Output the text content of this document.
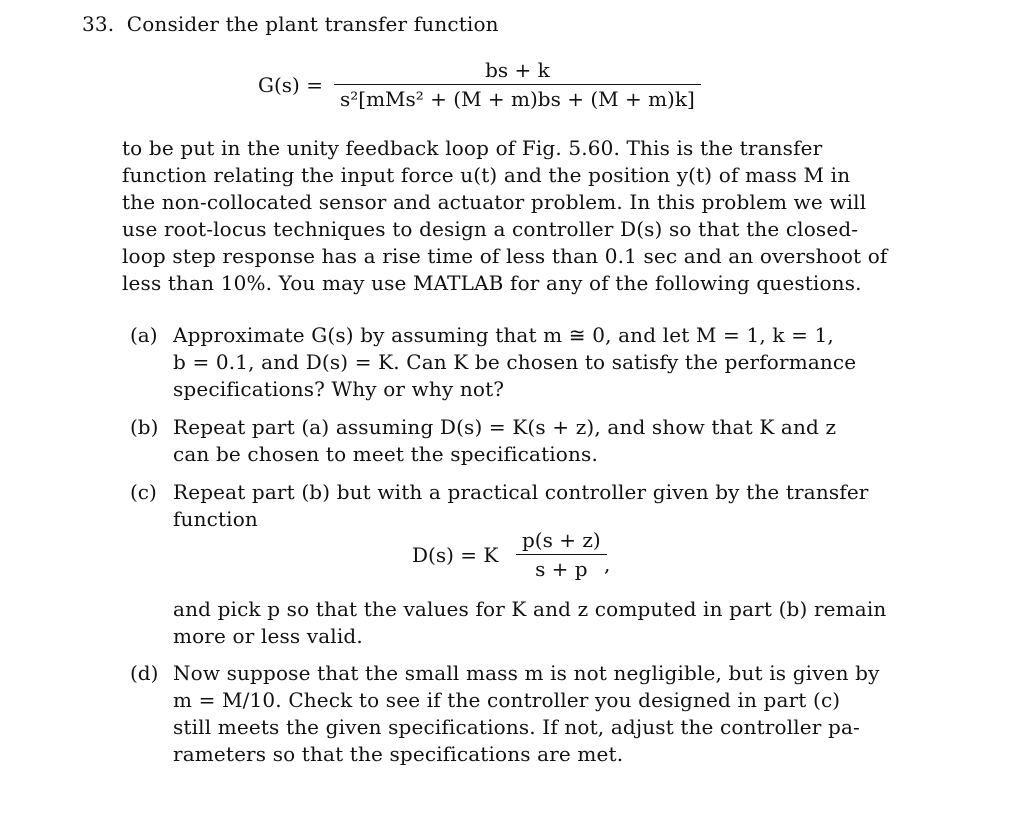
33. Consider the plant transfer function
G(s) =
bs + k
s²[mMs² + (M + m)bs + (M + m)k]
to be put in the unity feedback loop of Fig. 5.60. This is the transfer
function relating the input force u(t) and the position y(t) of mass M in
the non-collocated sensor and actuator problem. In this problem we will
use root-locus techniques to design a controller D(s) so that the closed-
loop step response has a rise time of less than 0.1 sec and an overshoot of
less than 10%. You may use MATLAB for any of the following questions.
(a) Approximate G(s) by assuming that m ≅ 0, and let M = 1, k = 1,
b = 0.1, and D(s) = K. Can K be chosen to satisfy the performance
specifications? Why or why not?
(b) Repeat part (a) assuming D(s) = K(s + z), and show that K and z
can be chosen to meet the specifications.
(c) Repeat part (b) but with a practical controller given by the transfer
function
D(s) = K
p(s + z)
s + p ,
and pick p so that the values for K and z computed in part (b) remain
more or less valid.
(d) Now suppose that the small mass m is not negligible, but is given by
m = M/10. Check to see if the controller you designed in part (c)
still meets the given specifications. If not, adjust the controller pa-
rameters so that the specifications are met.
